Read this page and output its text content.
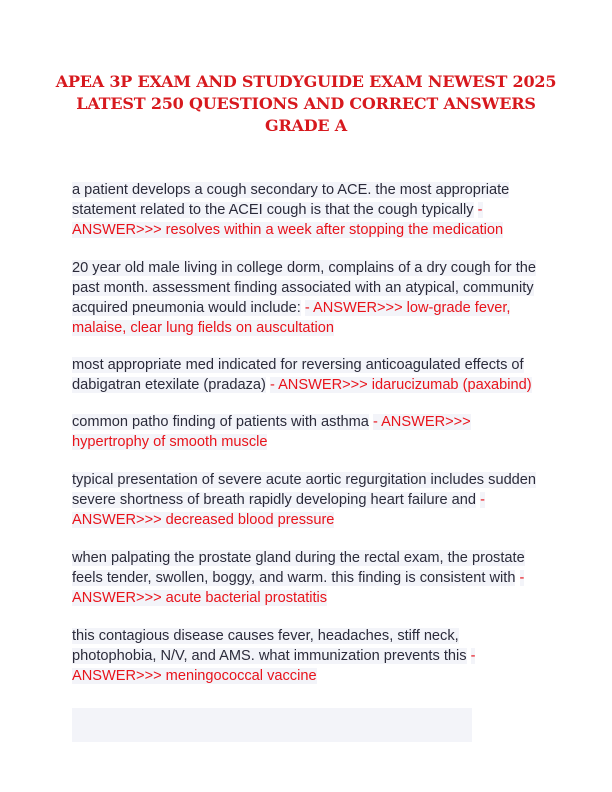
APEA 3P EXAM AND STUDYGUIDE EXAM NEWEST 2025 LATEST 250 QUESTIONS AND CORRECT ANSWERS GRADE A

a patient develops a cough secondary to ACE. the most appropriate statement related to the ACEI cough is that the cough typically - ANSWER>>> resolves within a week after stopping the medication

20 year old male living in college dorm, complains of a dry cough for the past month. assessment finding associated with an atypical, community acquired pneumonia would include: - ANSWER>>> low-grade fever, malaise, clear lung fields on auscultation

most appropriate med indicated for reversing anticoagulated effects of dabigatran etexilate (pradaza) - ANSWER>>> idarucizumab (paxabind)

common patho finding of patients with asthma - ANSWER>>> hypertrophy of smooth muscle

typical presentation of severe acute aortic regurgitation includes sudden severe shortness of breath rapidly developing heart failure and - ANSWER>>> decreased blood pressure

when palpating the prostate gland during the rectal exam, the prostate feels tender, swollen, boggy, and warm. this finding is consistent with - ANSWER>>> acute bacterial prostatitis

this contagious disease causes fever, headaches, stiff neck, photophobia, N/V, and AMS. what immunization prevents this - ANSWER>>> meningococcal vaccine
